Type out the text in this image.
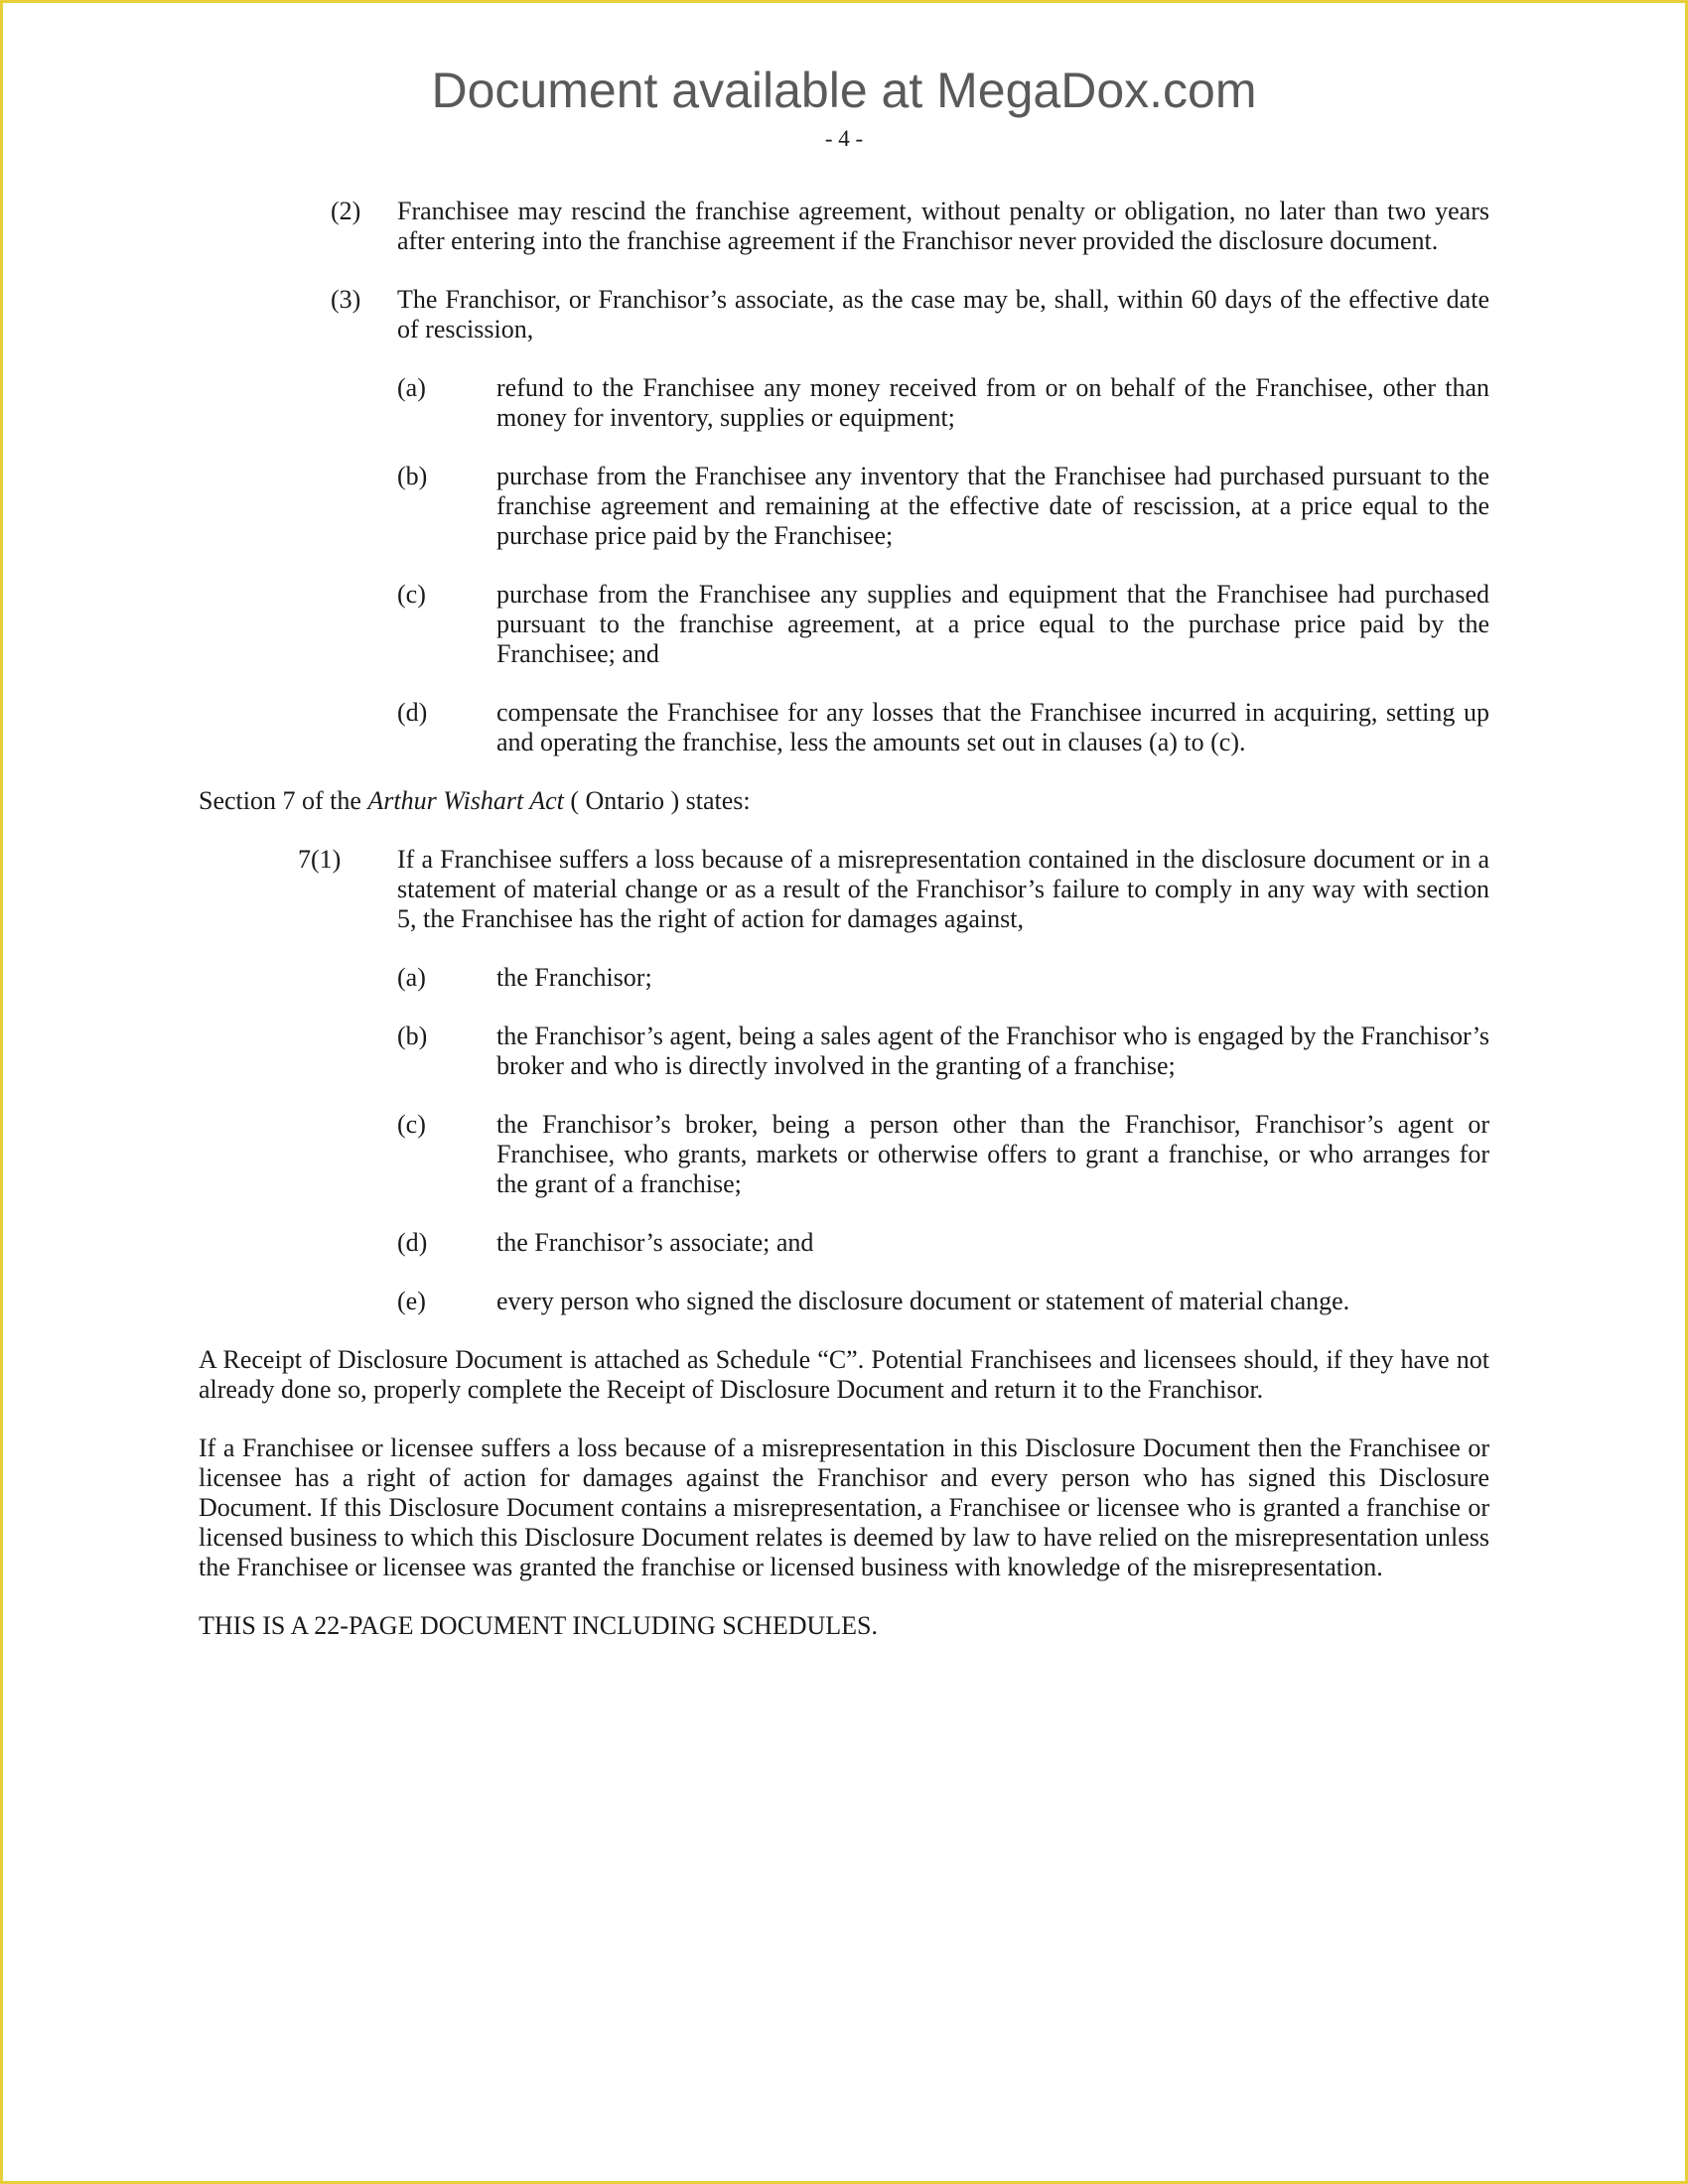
Document available at MegaDox.com
- 4 -
(2) Franchisee may rescind the franchise agreement, without penalty or obligation, no later than two years after entering into the franchise agreement if the Franchisor never provided the disclosure document.
(3) The Franchisor, or Franchisor’s associate, as the case may be, shall, within 60 days of the effective date of rescission,
(a)	refund to the Franchisee any money received from or on behalf of the Franchisee, other than money for inventory, supplies or equipment;
(b)	purchase from the Franchisee any inventory that the Franchisee had purchased pursuant to the franchise agreement and remaining at the effective date of rescission, at a price equal to the purchase price paid by the Franchisee;
(c)	purchase from the Franchisee any supplies and equipment that the Franchisee had purchased pursuant to the franchise agreement, at a price equal to the purchase price paid by the Franchisee; and
(d)	compensate the Franchisee for any losses that the Franchisee incurred in acquiring, setting up and operating the franchise, less the amounts set out in clauses (a) to (c).
Section 7 of the Arthur Wishart Act ( Ontario ) states:
7(1) If a Franchisee suffers a loss because of a misrepresentation contained in the disclosure document or in a statement of material change or as a result of the Franchisor’s failure to comply in any way with section 5, the Franchisee has the right of action for damages against,
(a)	the Franchisor;
(b)	the Franchisor’s agent, being a sales agent of the Franchisor who is engaged by the Franchisor’s broker and who is directly involved in the granting of a franchise;
(c)	the Franchisor’s broker, being a person other than the Franchisor, Franchisor’s agent or Franchisee, who grants, markets or otherwise offers to grant a franchise, or who arranges for the grant of a franchise;
(d)	the Franchisor’s associate; and
(e)	every person who signed the disclosure document or statement of material change.
A Receipt of Disclosure Document is attached as Schedule “C”. Potential Franchisees and licensees should, if they have not already done so, properly complete the Receipt of Disclosure Document and return it to the Franchisor.
If a Franchisee or licensee suffers a loss because of a misrepresentation in this Disclosure Document then the Franchisee or licensee has a right of action for damages against the Franchisor and every person who has signed this Disclosure Document. If this Disclosure Document contains a misrepresentation, a Franchisee or licensee who is granted a franchise or licensed business to which this Disclosure Document relates is deemed by law to have relied on the misrepresentation unless the Franchisee or licensee was granted the franchise or licensed business with knowledge of the misrepresentation.
THIS IS A 22-PAGE DOCUMENT INCLUDING SCHEDULES.
